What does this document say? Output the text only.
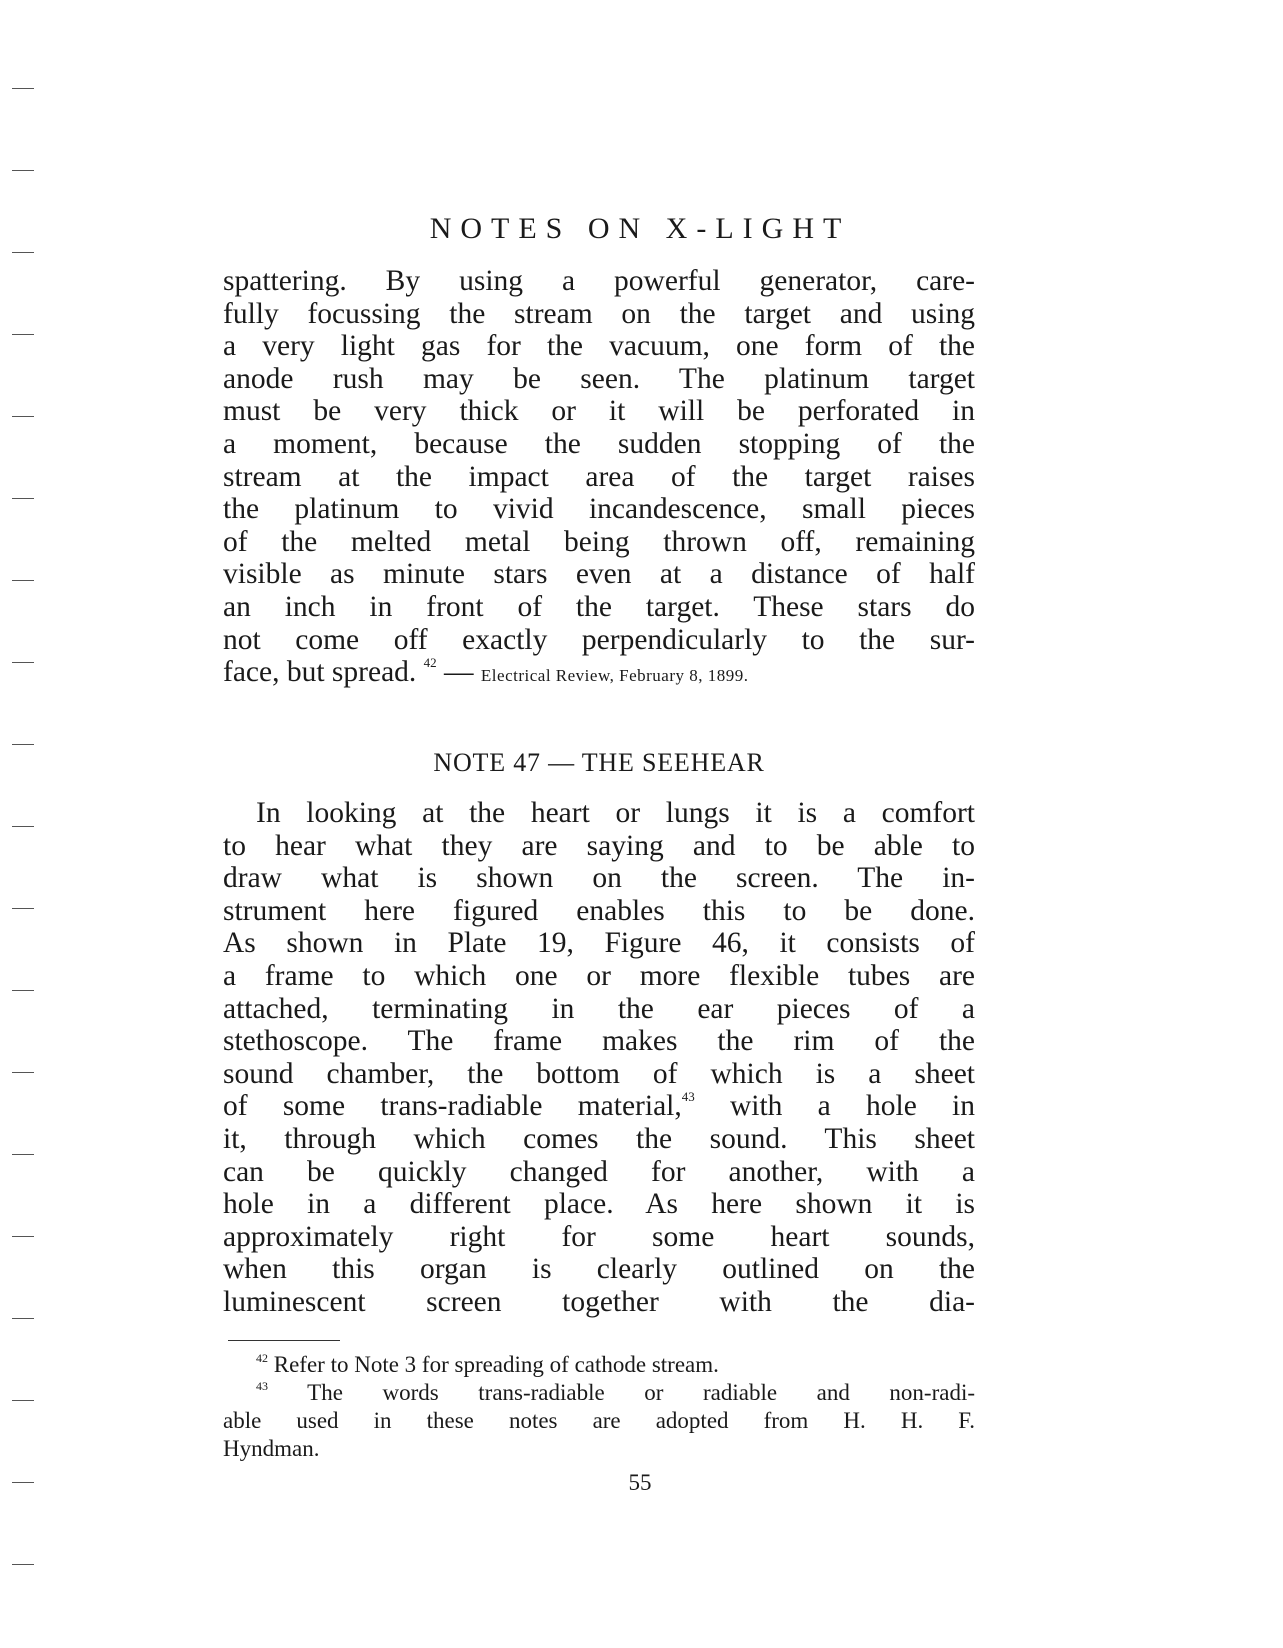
NOTES ON X-LIGHT
spattering. By using a powerful generator, care-
fully focussing the stream on the target and using
a very light gas for the vacuum, one form of the
anode rush may be seen. The platinum target
must be very thick or it will be perforated in
a moment, because the sudden stopping of the
stream at the impact area of the target raises
the platinum to vivid incandescence, small pieces
of the melted metal being thrown off, remaining
visible as minute stars even at a distance of half
an inch in front of the target. These stars do
not come off exactly perpendicularly to the sur-
face, but spread. $^{42}$ — Electrical Review, February 8, 1899.
NOTE 47 — THE SEEHEAR
In looking at the heart or lungs it is a comfort
to hear what they are saying and to be able to
draw what is shown on the screen. The in-
strument here figured enables this to be done.
As shown in Plate 19, Figure 46, it consists of
a frame to which one or more flexible tubes are
attached, terminating in the ear pieces of a
stethoscope. The frame makes the rim of the
sound chamber, the bottom of which is a sheet
of some trans-radiable material,$^{43}$ with a hole in
it, through which comes the sound. This sheet
can be quickly changed for another, with a
hole in a different place. As here shown it is
approximately right for some heart sounds,
when this organ is clearly outlined on the
luminescent screen together with the dia-
$^{42}$ Refer to Note 3 for spreading of cathode stream.
$^{43}$ The words trans-radiable or radiable and non-radi-
able used in these notes are adopted from H. H. F.
Hyndman.
55
